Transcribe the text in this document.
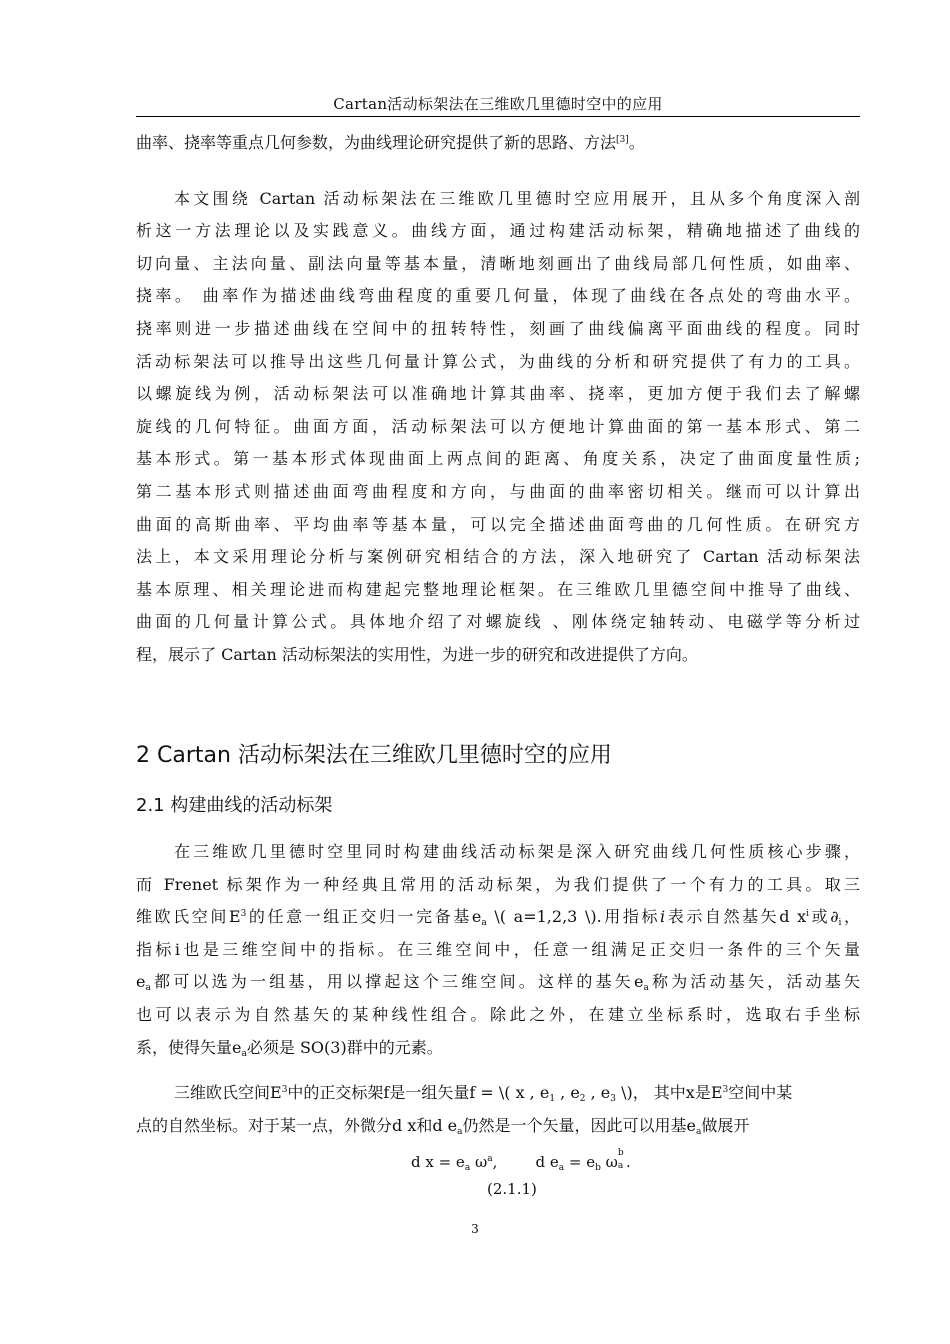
Cartan活动标架法在三维欧几里德时空中的应用
曲率、挠率等重点几何参数，为曲线理论研究提供了新的思路、方法[3]。
本文围绕 Cartan 活动标架法在三维欧几里德时空应用展开，且从多个角度深入剖
析这一方法理论以及实践意义。曲线方面，通过构建活动标架，精确地描述了曲线的
切向量、主法向量、副法向量等基本量，清晰地刻画出了曲线局部几何性质，如曲率、
挠率。 曲率作为描述曲线弯曲程度的重要几何量，体现了曲线在各点处的弯曲水平。
挠率则进一步描述曲线在空间中的扭转特性，刻画了曲线偏离平面曲线的程度。同时
活动标架法可以推导出这些几何量计算公式，为曲线的分析和研究提供了有力的工具。
以螺旋线为例，活动标架法可以准确地计算其曲率、挠率，更加方便于我们去了解螺
旋线的几何特征。曲面方面，活动标架法可以方便地计算曲面的第一基本形式、第二
基本形式。第一基本形式体现曲面上两点间的距离、角度关系，决定了曲面度量性质;
第二基本形式则描述曲面弯曲程度和方向，与曲面的曲率密切相关。继而可以计算出
曲面的高斯曲率、平均曲率等基本量，可以完全描述曲面弯曲的几何性质。在研究方
法上，本文采用理论分析与案例研究相结合的方法，深入地研究了 Cartan 活动标架法
基本原理、相关理论进而构建起完整地理论框架。在三维欧几里德空间中推导了曲线、
曲面的几何量计算公式。具体地介绍了对螺旋线 、刚体绕定轴转动、电磁学等分析过
程，展示了 Cartan 活动标架法的实用性，为进一步的研究和改进提供了方向。
2 Cartan 活动标架法在三维欧几里德时空的应用
2.1 构建曲线的活动标架
在三维欧几里德时空里同时构建曲线活动标架是深入研究曲线几何性质核心步骤，
而 Frenet 标架作为一种经典且常用的活动标架，为我们提供了一个有力的工具。取三
维欧氏空间$E^3$的任意一组正交归一完备基$e_a$ \( a=1,2,3 \).用指标i表示自然基矢d $x^i$或$\partial_i$，
指标i也是三维空间中的指标。在三维空间中，任意一组满足正交归一条件的三个矢量
$e_a$都可以选为一组基，用以撑起这个三维空间。这样的基矢$e_a$称为活动基矢，活动基矢
也可以表示为自然基矢的某种线性组合。除此之外，在建立坐标系时，选取右手坐标
系，使得矢量$e_a$必须是 SO(3)群中的元素。
三维欧氏空间$E^3$中的正交标架f是一组矢量f = \( x , $e_1$ , $e_2$ , $e_3$ \)， 其中x是$E^3$空间中某
点的自然坐标。对于某一点，外微分d x和d $e_a$仍然是一个矢量，因此可以用基$e_a$做展开
d $x = e_a$ $\omega^a$,        d $e_a = e_b$ ω b
a .
(2.1.1)
3
